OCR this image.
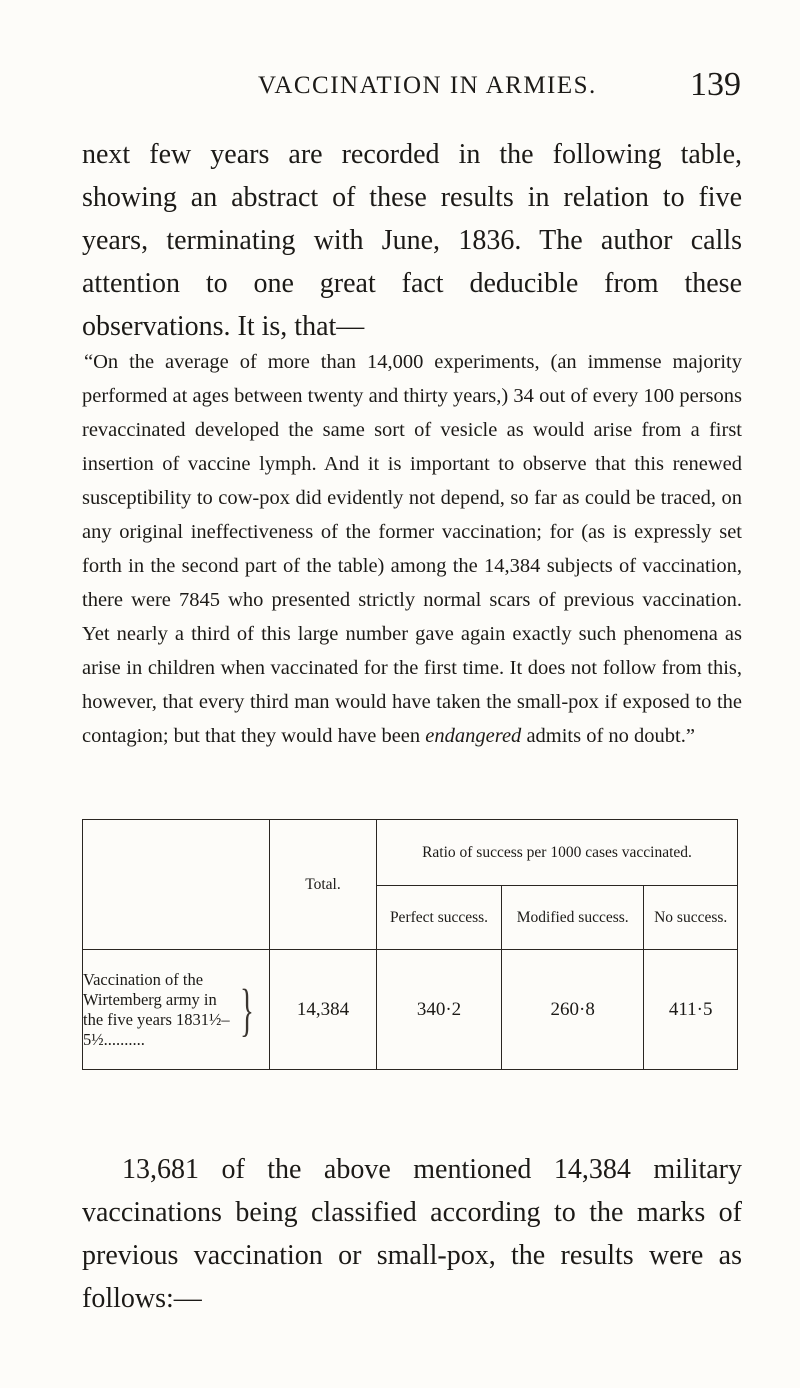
VACCINATION IN ARMIES.	139

next few years are recorded in the following table, showing an abstract of these results in relation to five years, terminating with June, 1836. The author calls attention to one great fact deducible from these observations. It is, that—

“On the average of more than 14,000 experiments, (an immense majority performed at ages between twenty and thirty years,) 34 out of every 100 persons revaccinated developed the same sort of vesicle as would arise from a first insertion of vaccine lymph. And it is important to observe that this renewed susceptibility to cow-pox did evidently not depend, so far as could be traced, on any original ineffectiveness of the former vaccination; for (as is expressly set forth in the second part of the table) among the 14,384 subjects of vaccination, there were 7845 who presented strictly normal scars of previous vaccination. Yet nearly a third of this large number gave again exactly such phenomena as arise in children when vaccinated for the first time. It does not follow from this, however, that every third man would have taken the small-pox if exposed to the contagion; but that they would have been endangered admits of no doubt.”

	Total.	Ratio of success per 1000 cases vaccinated.		
		Perfect success.	Modified success.	No success.

Vaccination of the Wirtemberg army in the five years 1831½–5½.......... }	14,384	340·2	260·8	411·5

13,681 of the above mentioned 14,384 military vaccinations being classified according to the marks of previous vaccination or small-pox, the results were as follows:—
